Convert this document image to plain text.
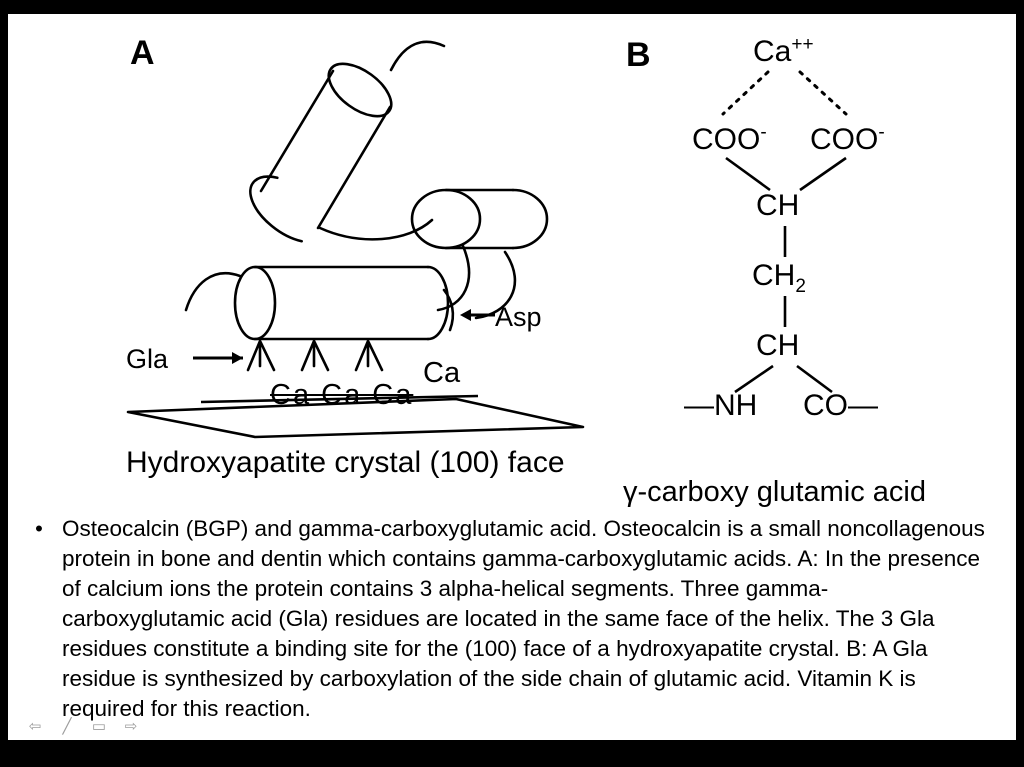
A	B
Gla
Asp
Ca
Ca Ca Ca
Hydroxyapatite crystal (100) face
γ-carboxy glutamic acid
Ca++
COO- COO-
CH
$CH_2$
CH
—NH CO—
• Osteocalcin (BGP) and gamma-carboxyglutamic acid. Osteocalcin is a small noncollagenous protein in bone and dentin which contains gamma-carboxyglutamic acids. A: In the presence of calcium ions the protein contains 3 alpha-helical segments. Three gamma-carboxyglutamic acid (Gla) residues are located in the same face of the helix. The 3 Gla residues constitute a binding site for the (100) face of a hydroxyapatite crystal. B: A Gla residue is synthesized by carboxylation of the side chain of glutamic acid. Vitamin K is required for this reaction.
⇦ ╱ ▭ ⇨
